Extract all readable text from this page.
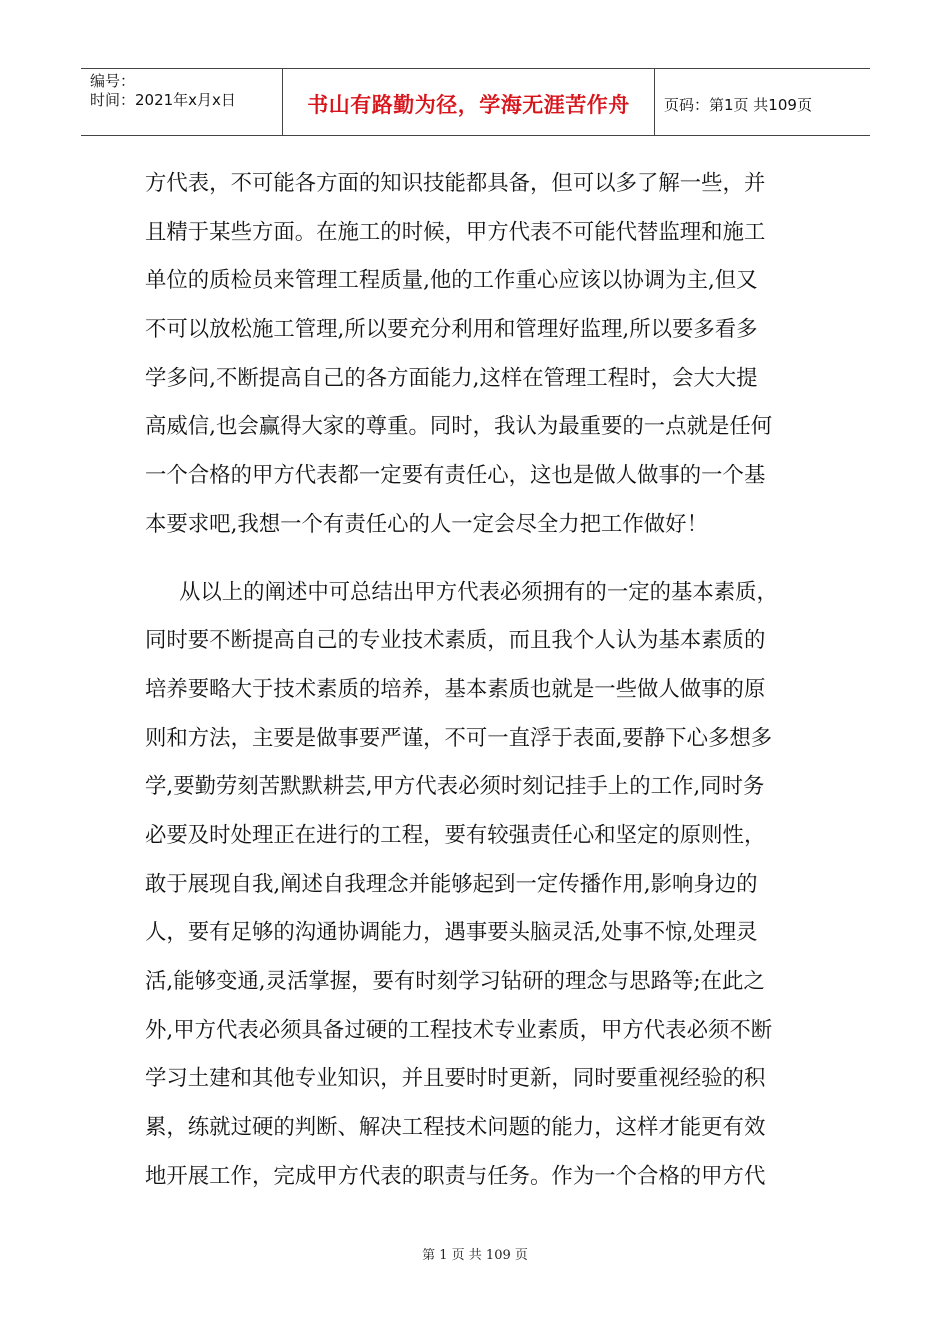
编号：
时间：2021年x月x日	书山有路勤为径，学海无涯苦作舟	页码：第1页 共109页
方代表，不可能各方面的知识技能都具备，但可以多了解一些，并
且精于某些方面。在施工的时候，甲方代表不可能代替监理和施工
单位的质检员来管理工程质量,他的工作重心应该以协调为主,但又
不可以放松施工管理,所以要充分利用和管理好监理,所以要多看多
学多问,不断提高自己的各方面能力,这样在管理工程时，会大大提
高威信,也会赢得大家的尊重。同时，我认为最重要的一点就是任何
一个合格的甲方代表都一定要有责任心，这也是做人做事的一个基
本要求吧,我想一个有责任心的人一定会尽全力把工作做好！
从以上的阐述中可总结出甲方代表必须拥有的一定的基本素质，
同时要不断提高自己的专业技术素质，而且我个人认为基本素质的
培养要略大于技术素质的培养，基本素质也就是一些做人做事的原
则和方法，主要是做事要严谨，不可一直浮于表面,要静下心多想多
学,要勤劳刻苦默默耕芸,甲方代表必须时刻记挂手上的工作,同时务
必要及时处理正在进行的工程，要有较强责任心和坚定的原则性，
敢于展现自我,阐述自我理念并能够起到一定传播作用,影响身边的
人，要有足够的沟通协调能力，遇事要头脑灵活,处事不惊,处理灵
活,能够变通,灵活掌握，要有时刻学习钻研的理念与思路等;在此之
外,甲方代表必须具备过硬的工程技术专业素质，甲方代表必须不断
学习土建和其他专业知识，并且要时时更新，同时要重视经验的积
累，练就过硬的判断、解决工程技术问题的能力，这样才能更有效
地开展工作，完成甲方代表的职责与任务。作为一个合格的甲方代
第 1 页 共 109 页
